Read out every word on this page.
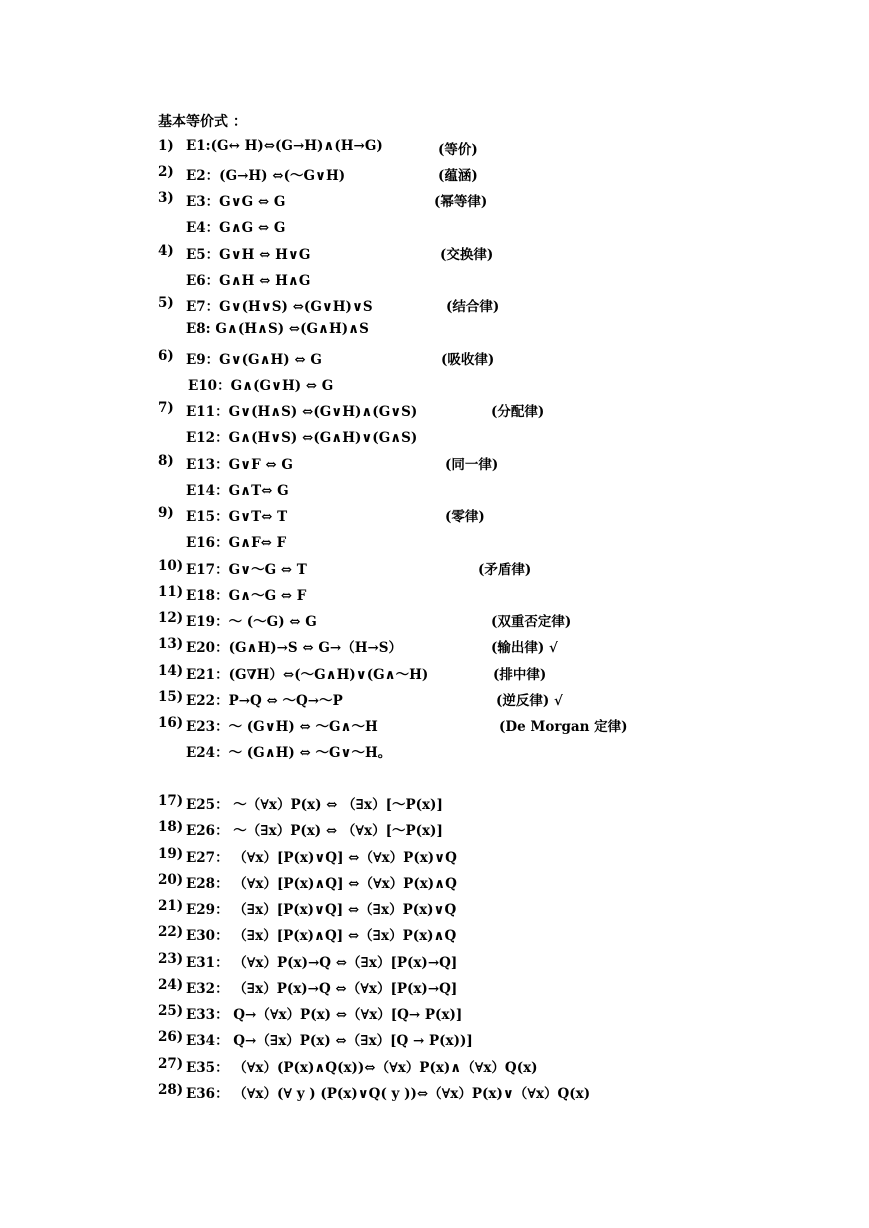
基本等价式 ：
1) E1:(G↔ H)⇔(G→H)∧(H→G)	(等价)
2) E2：(G→H) ⇔(～G∨H)	(蕴涵)
3) E3：G∨G ⇔ G	(幂等律)
E4：G∧G ⇔ G
4) E5：G∨H ⇔ H∨G	(交换律)
E6：G∧H ⇔ H∧G
5) E7：G∨(H∨S) ⇔(G∨H)∨S	(结合律)
E8: G∧(H∧S) ⇔(G∧H)∧S
6) E9：G∨(G∧H) ⇔ G	(吸收律)
E10：G∧(G∨H) ⇔ G
7) E11：G∨(H∧S) ⇔(G∨H)∧(G∨S)	(分配律)
E12：G∧(H∨S) ⇔(G∧H)∨(G∧S)
8) E13：G∨F ⇔ G	(同一律)
E14：G∧T⇔ G
9) E15：G∨T⇔ T	(零律)
E16：G∧F⇔ F
10) E17：G∨～G ⇔ T	(矛盾律)
11) E18：G∧～G ⇔ F
12) E19：～ (～G) ⇔ G	(双重否定律)
13) E20：(G∧H)→S ⇔ G→（H→S）	(输出律) √
14) E21：(G∇H）⇔(～G∧H)∨(G∧～H)	(排中律)
15) E22：P→Q ⇔ ～Q→～P	(逆反律) √
16) E23：～ (G∨H) ⇔ ～G∧～H	(De Morgan 定律)
E24：～ (G∧H) ⇔ ～G∨～H。
17) E25： ～（∀x）P(x) ⇔ （∃x）[～P(x)]
18) E26： ～（∃x）P(x) ⇔ （∀x）[～P(x)]
19) E27： （∀x）[P(x)∨Q] ⇔（∀x）P(x)∨Q
20) E28： （∀x）[P(x)∧Q] ⇔（∀x）P(x)∧Q
21) E29： （∃x）[P(x)∨Q] ⇔（∃x）P(x)∨Q
22) E30： （∃x）[P(x)∧Q] ⇔（∃x）P(x)∧Q
23) E31： （∀x）P(x)→Q ⇔（∃x）[P(x)→Q]
24) E32： （∃x）P(x)→Q ⇔（∀x）[P(x)→Q]
25) E33： Q→（∀x）P(x) ⇔（∀x）[Q→ P(x)]
26) E34： Q→（∃x）P(x) ⇔（∃x）[Q → P(x))]
27) E35： （∀x）(P(x)∧Q(x))⇔（∀x）P(x)∧（∀x）Q(x)
28) E36： （∀x）(∀ y ) (P(x)∨Q( y ))⇔（∀x）P(x)∨（∀x）Q(x)
